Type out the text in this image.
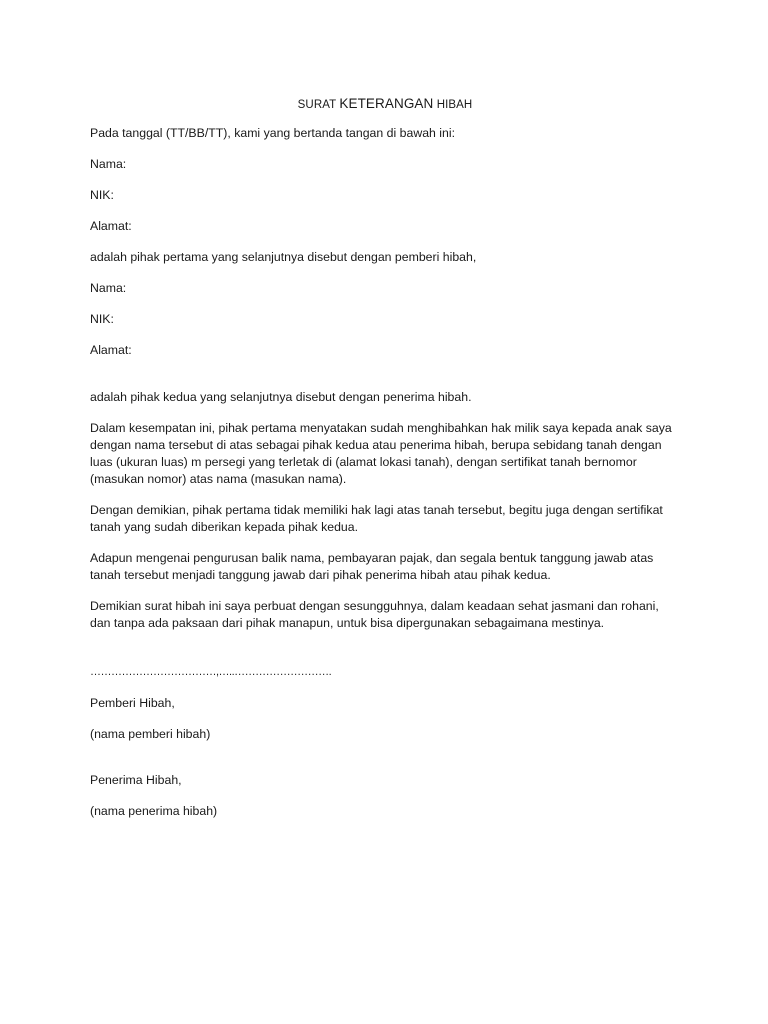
SURAT KETERANGAN HIBAH

Pada tanggal (TT/BB/TT), kami yang bertanda tangan di bawah ini:

Nama:

NIK:

Alamat:

adalah pihak pertama yang selanjutnya disebut dengan pemberi hibah,

Nama:

NIK:

Alamat:

adalah pihak kedua yang selanjutnya disebut dengan penerima hibah.

Dalam kesempatan ini, pihak pertama menyatakan sudah menghibahkan hak milik saya kepada anak saya dengan nama tersebut di atas sebagai pihak kedua atau penerima hibah, berupa sebidang tanah dengan luas (ukuran luas) m persegi yang terletak di (alamat lokasi tanah), dengan sertifikat tanah bernomor (masukan nomor) atas nama (masukan nama).

Dengan demikian, pihak pertama tidak memiliki hak lagi atas tanah tersebut, begitu juga dengan sertifikat tanah yang sudah diberikan kepada pihak kedua.

Adapun mengenai pengurusan balik nama, pembayaran pajak, dan segala bentuk tanggung jawab atas tanah tersebut menjadi tanggung jawab dari pihak penerima hibah atau pihak kedua.

Demikian surat hibah ini saya perbuat dengan sesungguhnya, dalam keadaan sehat jasmani dan rohani, dan tanpa ada paksaan dari pihak manapun, untuk bisa dipergunakan sebagaimana mestinya.

………………………………,…..……………………….

Pemberi Hibah,

(nama pemberi hibah)

Penerima Hibah,

(nama penerima hibah)
